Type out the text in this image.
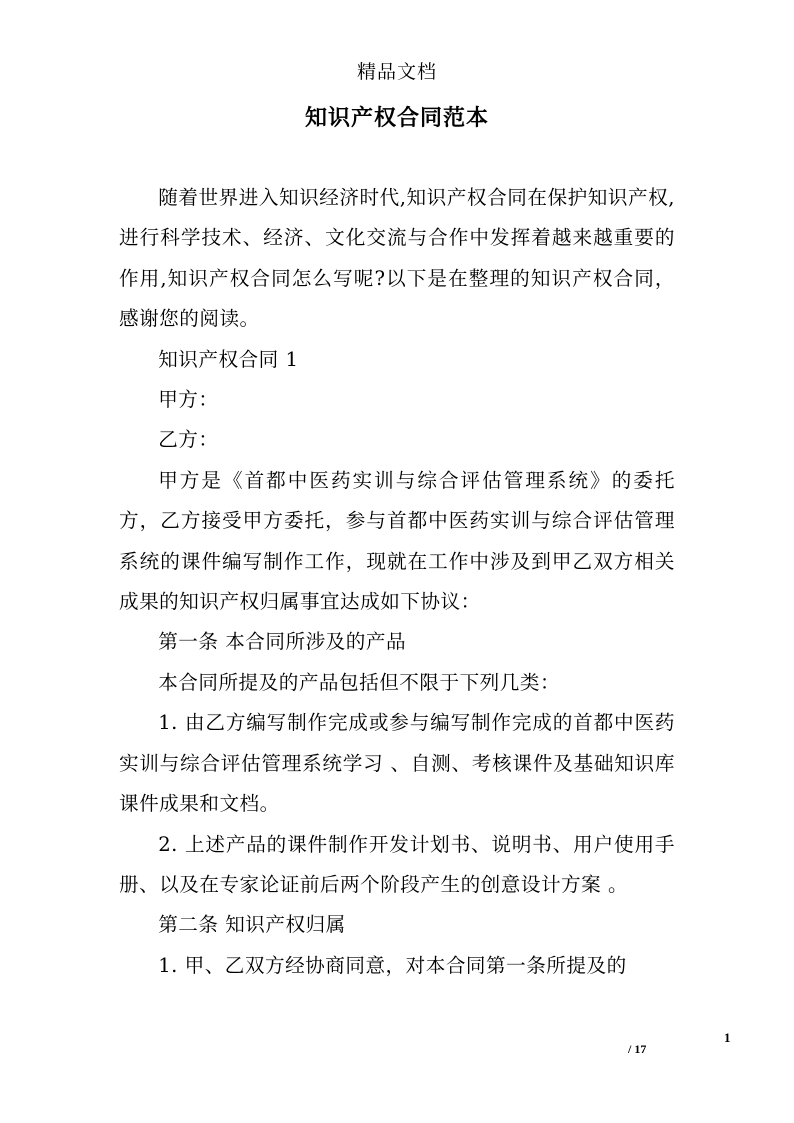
精品文档
知识产权合同范本

随着世界进入知识经济时代,知识产权合同在保护知识产权,进行科学技术、经济、文化交流与合作中发挥着越来越重要的作用,知识产权合同怎么写呢?以下是在整理的知识产权合同，感谢您的阅读。

知识产权合同 1

甲方：

乙方：

甲方是《首都中医药实训与综合评估管理系统》的委托方，乙方接受甲方委托，参与首都中医药实训与综合评估管理系统的课件编写制作工作，现就在工作中涉及到甲乙双方相关成果的知识产权归属事宜达成如下协议：

第一条 本合同所涉及的产品

本合同所提及的产品包括但不限于下列几类：

1. 由乙方编写制作完成或参与编写制作完成的首都中医药实训与综合评估管理系统学习 、自测、考核课件及基础知识库课件成果和文档。

2. 上述产品的课件制作开发计划书、说明书、用户使用手册、以及在专家论证前后两个阶段产生的创意设计方案 。

第二条 知识产权归属

1. 甲、乙双方经协商同意，对本合同第一条所提及的

1
/ 17
